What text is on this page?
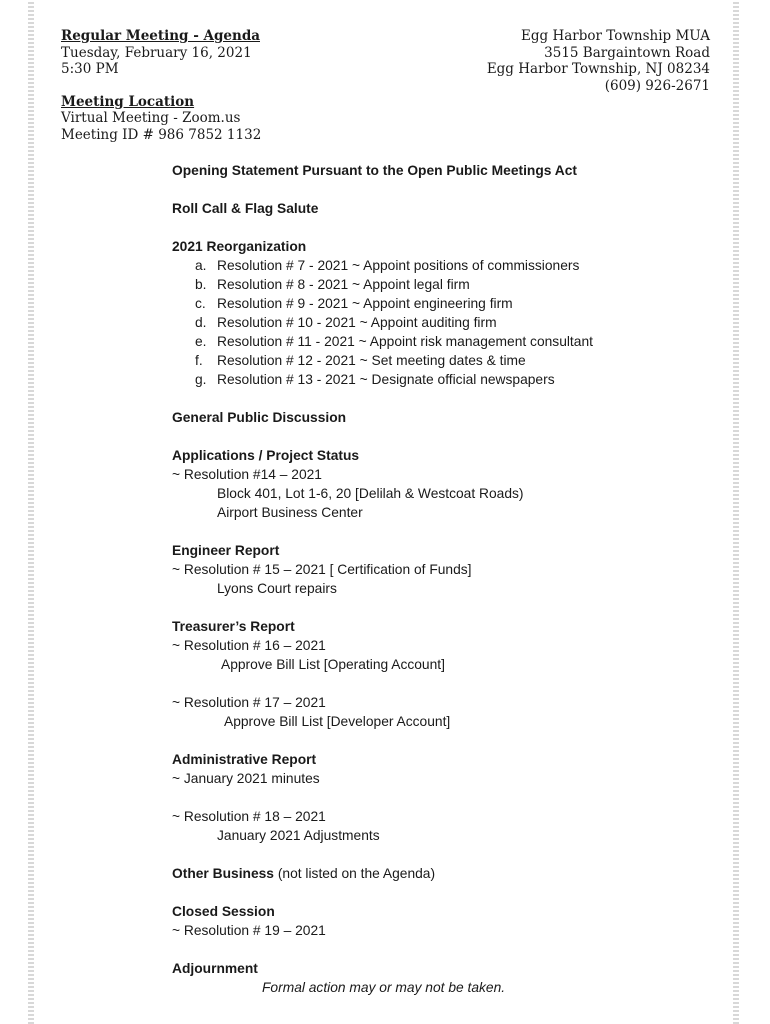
Regular Meeting - Agenda
Tuesday, February 16, 2021
5:30 PM
Meeting Location
Virtual Meeting - Zoom.us
Meeting ID # 986 7852 1132
Egg Harbor Township MUA
3515 Bargaintown Road
Egg Harbor Township, NJ 08234
(609) 926-2671
Opening Statement Pursuant to the Open Public Meetings Act
Roll Call & Flag Salute
2021 Reorganization
a. Resolution # 7 - 2021 ~ Appoint positions of commissioners
b. Resolution # 8 - 2021 ~ Appoint legal firm
c. Resolution # 9 - 2021 ~ Appoint engineering firm
d. Resolution # 10 - 2021 ~ Appoint auditing firm
e. Resolution # 11 - 2021 ~ Appoint risk management consultant
f. Resolution # 12 - 2021 ~ Set meeting dates & time
g. Resolution # 13 - 2021 ~ Designate official newspapers
General Public Discussion
Applications / Project Status
~ Resolution #14 – 2021
Block 401, Lot 1-6, 20 [Delilah & Westcoat Roads)
Airport Business Center
Engineer Report
~ Resolution # 15 – 2021 [ Certification of Funds]
Lyons Court repairs
Treasurer’s Report
~ Resolution # 16 – 2021
Approve Bill List [Operating Account]
~ Resolution # 17 – 2021
Approve Bill List [Developer Account]
Administrative Report
~ January 2021 minutes
~ Resolution # 18 – 2021
January 2021 Adjustments
Other Business (not listed on the Agenda)
Closed Session
~ Resolution # 19 – 2021
Adjournment
Formal action may or may not be taken.
